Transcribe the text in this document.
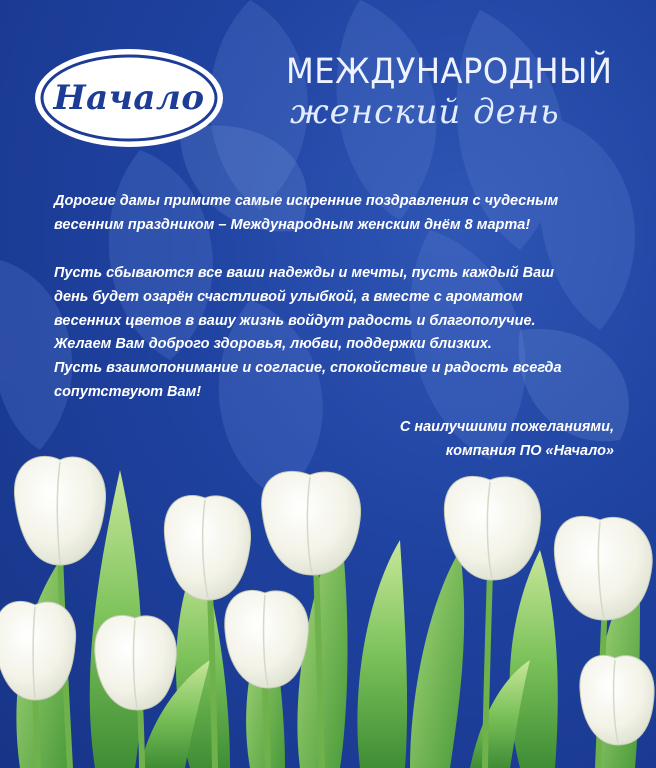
Начало
МЕЖДУНАРОДНЫЙ
женский день

Дорогие дамы примите самые искренние поздравления с чудесным

весенним праздником – Международным женским днём 8 марта!

Пусть сбываются все ваши надежды и мечты, пусть каждый Ваш

день будет озарён счастливой улыбкой, а вместе с ароматом

весенних цветов в вашу жизнь войдут радость и благополучие.

Желаем Вам доброго здоровья, любви, поддержки близких.

Пусть взаимопонимание и согласие, спокойствие и радость всегда

сопутствуют Вам!

С наилучшими пожеланиями,

компания ПО «Начало»
